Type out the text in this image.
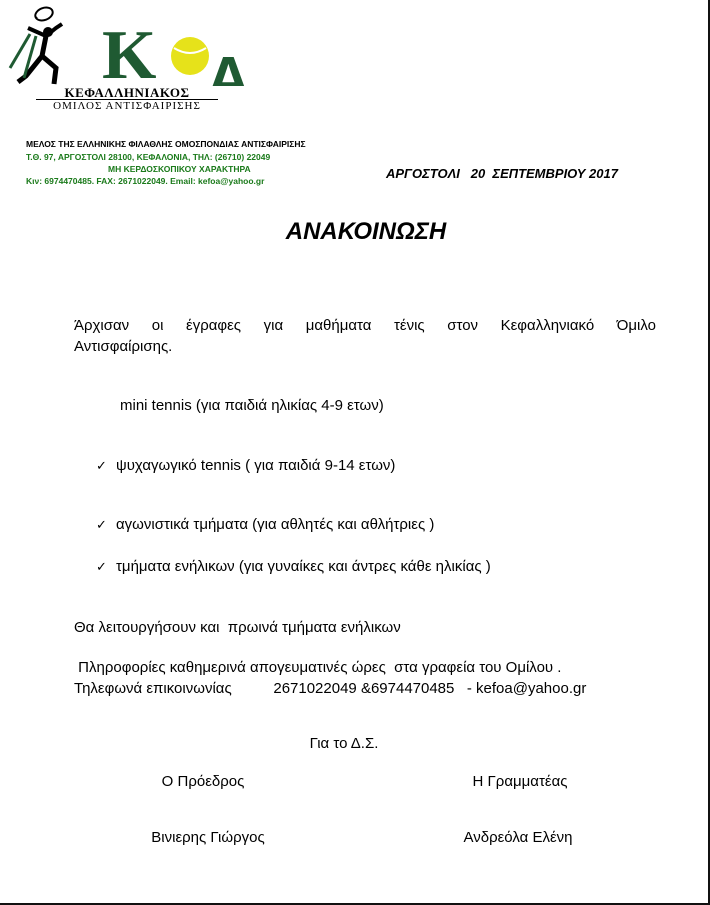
K A
ΚΕΦΑΛΛΗΝΙΑΚΟΣ
ΟΜΙΛΟΣ ΑΝΤΙΣΦΑΙΡΙΣΗΣ
ΜΕΛΟΣ ΤΗΣ ΕΛΛΗΝΙΚΗΣ ΦΙΛΑΘΛΗΣ ΟΜΟΣΠΟΝΔΙΑΣ ΑΝΤΙΣΦΑΙΡΙΣΗΣ
Τ.Θ. 97, ΑΡΓΟΣΤΟΛΙ 28100, ΚΕΦΑΛΟΝΙΑ, ΤΗΛ: (26710) 22049
ΜΗ ΚΕΡΔΟΣΚΟΠΙΚΟΥ ΧΑΡΑΚΤΗΡΑ
Κιν: 6974470485. FAX: 2671022049. Email: kefoa@yahoo.gr	ΑΡΓΟΣΤΟΛΙ   20  ΣΕΠΤΕΜΒΡΙΟΥ 2017
ΑΝΑΚΟΙΝΩΣΗ
Άρχισαν οι έγραφες για μαθήματα τένις στον Κεφαλληνιακό Όμιλο
Αντισφαίρισης.
mini tennis (για παιδιά ηλικίας 4-9 ετων)
✓ ψυχαγωγικό tennis ( για παιδιά 9-14 ετων)
✓ αγωνιστικά τμήματα (για αθλητές και αθλήτριες )
✓ τμήματα ενήλικων (για γυναίκες και άντρες κάθε ηλικίας )
Θα λειτουργήσουν και  πρωινά τμήματα ενήλικων
Πληροφορίες καθημερινά απογευματινές ώρες  στα γραφεία του Ομίλου .
Τηλεφωνά επικοινωνίας          2671022049 &6974470485   - kefoa@yahoo.gr
Για το Δ.Σ.
Ο Πρόεδρος	Η Γραμματέας
Βινιερης Γιώργος	Ανδρεόλα Ελένη
